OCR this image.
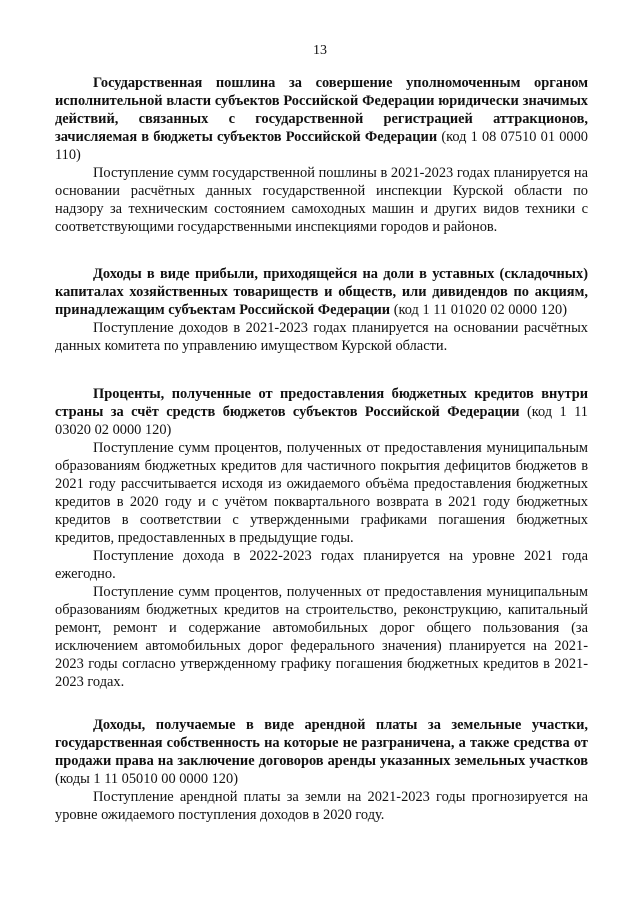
13

Государственная пошлина за совершение уполномоченным органом исполнительной власти субъектов Российской Федерации юридически значимых действий, связанных с государственной регистрацией аттракционов, зачисляемая в бюджеты субъектов Российской Федерации (код 1 08 07510 01 0000 110)

Поступление сумм государственной пошлины в 2021-2023 годах планируется на основании расчётных данных государственной инспекции Курской области по надзору за техническим состоянием самоходных машин и других видов техники с соответствующими государственными инспекциями городов и районов.

Доходы в виде прибыли, приходящейся на доли в уставных (складочных) капиталах хозяйственных товариществ и обществ, или дивидендов по акциям, принадлежащим субъектам Российской Федерации (код 1 11 01020 02 0000 120)

Поступление доходов в 2021-2023 годах планируется на основании расчётных данных комитета по управлению имуществом Курской области.

Проценты, полученные от предоставления бюджетных кредитов внутри страны за счёт средств бюджетов субъектов Российской Федерации (код 1 11 03020 02 0000 120)

Поступление сумм процентов, полученных от предоставления муниципальным образованиям бюджетных кредитов для частичного покрытия дефицитов бюджетов в 2021 году рассчитывается исходя из ожидаемого объёма предоставления бюджетных кредитов в 2020 году и с учётом поквартального возврата в 2021 году бюджетных кредитов в соответствии с утвержденными графиками погашения бюджетных кредитов, предоставленных в предыдущие годы.

Поступление дохода в 2022-2023 годах планируется на уровне 2021 года ежегодно.

Поступление сумм процентов, полученных от предоставления муниципальным образованиям бюджетных кредитов на строительство, реконструкцию, капитальный ремонт, ремонт и содержание автомобильных дорог общего пользования (за исключением автомобильных дорог федерального значения) планируется на 2021-2023 годы согласно утвержденному графику погашения бюджетных кредитов в 2021-2023 годах.

Доходы, получаемые в виде арендной платы за земельные участки, государственная собственность на которые не разграничена, а также средства от продажи права на заключение договоров аренды указанных земельных участков (коды 1 11 05010 00 0000 120)

Поступление арендной платы за земли на 2021-2023 годы прогнозируется на уровне ожидаемого поступления доходов в 2020 году.
